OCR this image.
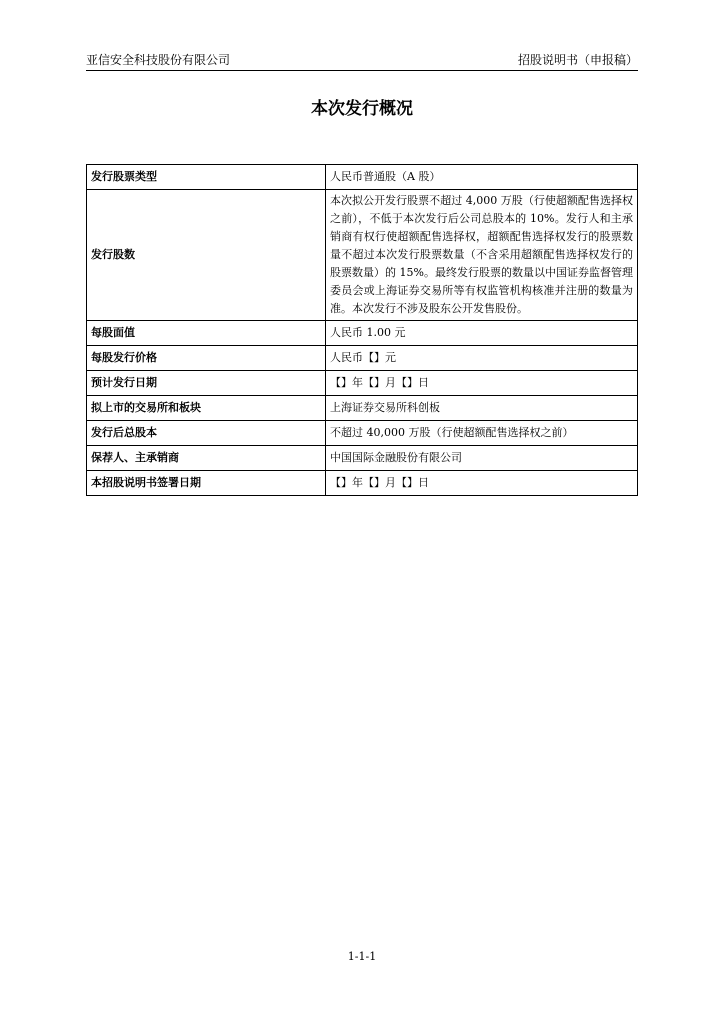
亚信安全科技股份有限公司	招股说明书（申报稿）
本次发行概况
发行股票类型	人民币普通股（A 股）
发行股数	本次拟公开发行股票不超过 4,000 万股（行使超额配售选择权之前），不低于本次发行后公司总股本的 10%。发行人和主承销商有权行使超额配售选择权，超额配售选择权发行的股票数量不超过本次发行股票数量（不含采用超额配售选择权发行的股票数量）的 15%。最终发行股票的数量以中国证券监督管理委员会或上海证券交易所等有权监管机构核准并注册的数量为准。本次发行不涉及股东公开发售股份。
每股面值	人民币 1.00 元
每股发行价格	人民币【】元
预计发行日期	【】年【】月【】日
拟上市的交易所和板块	上海证券交易所科创板
发行后总股本	不超过 40,000 万股（行使超额配售选择权之前）
保荐人、主承销商	中国国际金融股份有限公司
本招股说明书签署日期	【】年【】月【】日
1-1-1
